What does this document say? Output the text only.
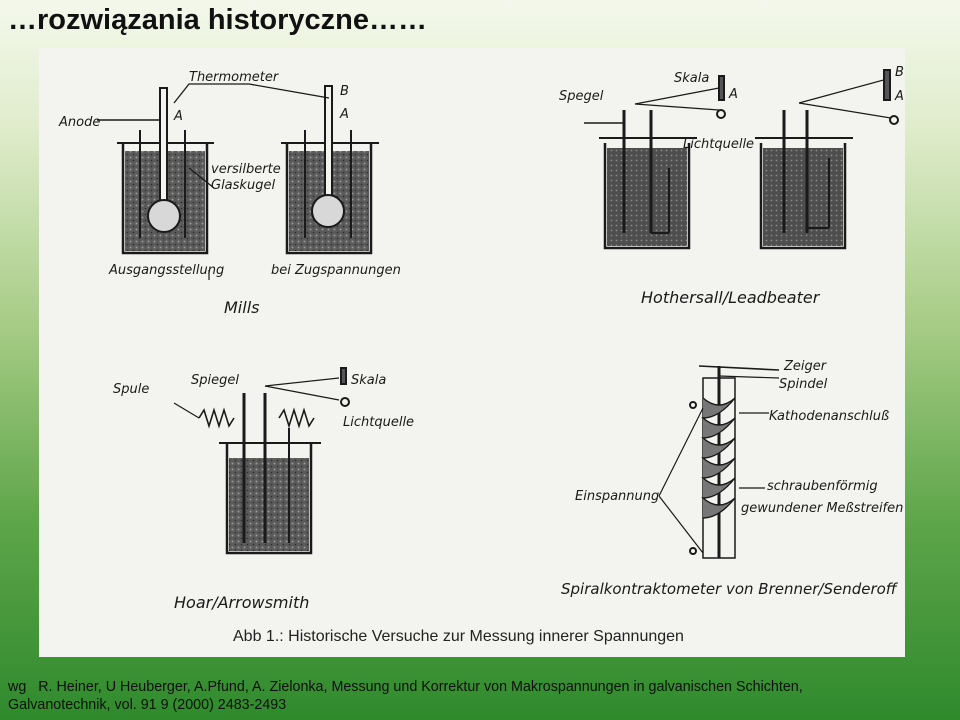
…rozwiązania historyczne……
Thermometer
Anode	A
B
A
versilberte
Glaskugel
Ausgangsstellung	bei Zugspannungen
Mills
Spegel
Skala
A
Lichtquelle
B
A
Hothersall/Leadbeater
Spule
Spiegel	Skala
Lichtquelle
Hoar/Arrowsmith
Zeiger
Spindel
Kathodenanschluß
Einspannung
schraubenförmig
gewundener Meßstreifen
Spiralkontraktometer von Brenner/Senderoff
Abb 1.: Historische Versuche zur Messung innerer Spannungen
wg   R. Heiner, U Heuberger, A.Pfund, A. Zielonka, Messung und Korrektur von Makrospannungen in galvanischen Schichten,
Galvanotechnik, vol. 91 9 (2000) 2483-2493
